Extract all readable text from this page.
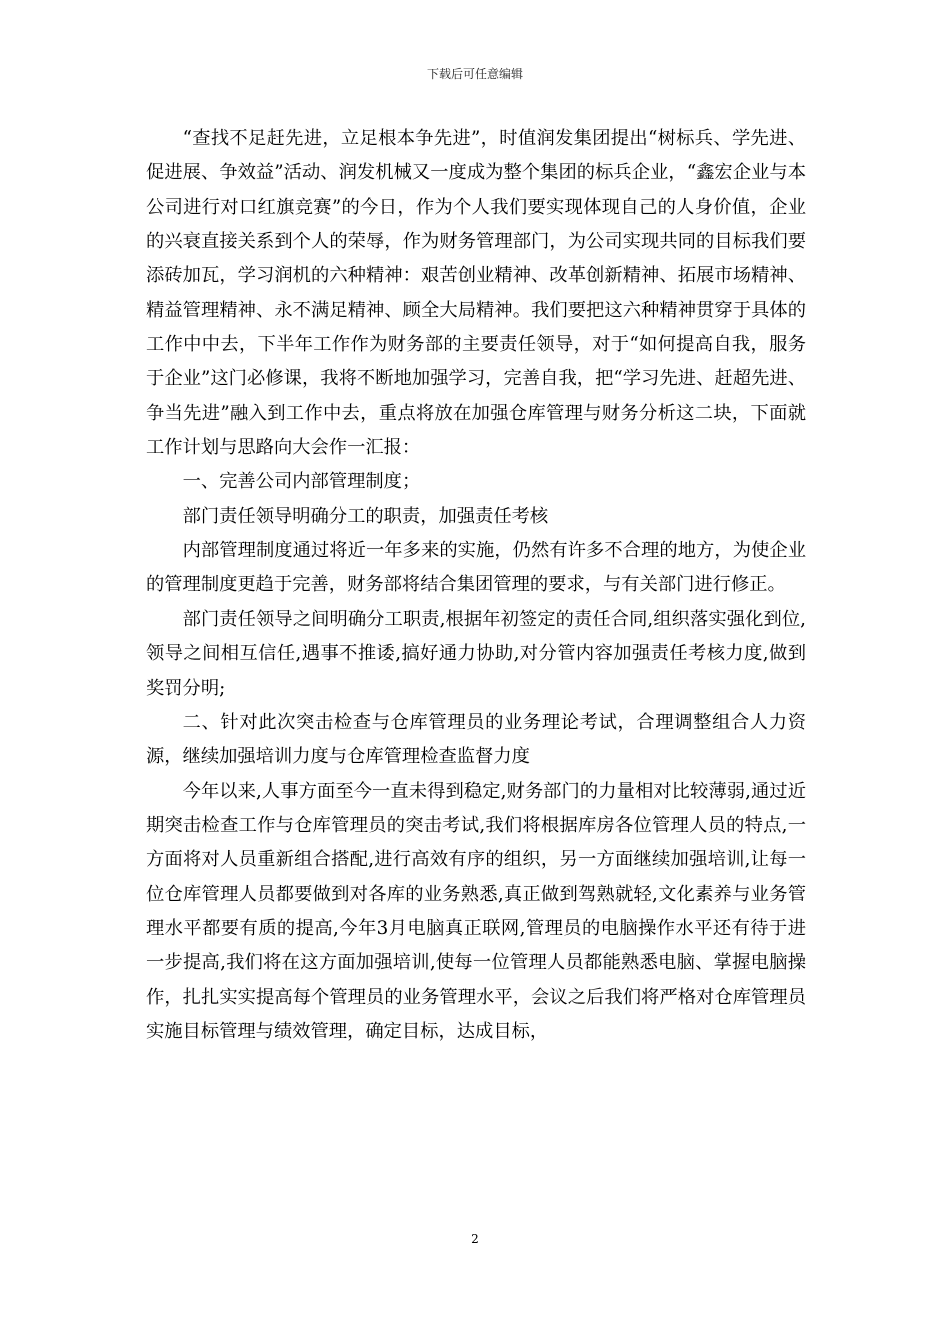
下载后可任意编辑

“查找不足赶先进，立足根本争先进”，时值润发集团提出“树标兵、学先进、促进展、争效益”活动、润发机械又一度成为整个集团的标兵企业，“鑫宏企业与本公司进行对口红旗竞赛”的今日，作为个人我们要实现体现自己的人身价值，企业的兴衰直接关系到个人的荣辱，作为财务管理部门，为公司实现共同的目标我们要添砖加瓦，学习润机的六种精神：艰苦创业精神、改革创新精神、拓展市场精神、精益管理精神、永不满足精神、顾全大局精神。我们要把这六种精神贯穿于具体的工作中中去，下半年工作作为财务部的主要责任领导，对于“如何提高自我，服务于企业”这门必修课，我将不断地加强学习，完善自我，把“学习先进、赶超先进、争当先进”融入到工作中去，重点将放在加强仓库管理与财务分析这二块，下面就工作计划与思路向大会作一汇报：

一、完善公司内部管理制度；

部门责任领导明确分工的职责，加强责任考核

内部管理制度通过将近一年多来的实施，仍然有许多不合理的地方，为使企业的管理制度更趋于完善，财务部将结合集团管理的要求，与有关部门进行修正。

部门责任领导之间明确分工职责,根据年初签定的责任合同,组织落实强化到位,领导之间相互信任,遇事不推诿,搞好通力协助,对分管内容加强责任考核力度,做到奖罚分明;

二、针对此次突击检查与仓库管理员的业务理论考试，合理调整组合人力资源，继续加强培训力度与仓库管理检查监督力度

今年以来,人事方面至今一直未得到稳定,财务部门的力量相对比较薄弱,通过近期突击检查工作与仓库管理员的突击考试,我们将根据库房各位管理人员的特点,一方面将对人员重新组合搭配,进行高效有序的组织，另一方面继续加强培训,让每一位仓库管理人员都要做到对各库的业务熟悉,真正做到驾熟就轻,文化素养与业务管理水平都要有质的提高,今年3月电脑真正联网,管理员的电脑操作水平还有待于进一步提高,我们将在这方面加强培训,使每一位管理人员都能熟悉电脑、掌握电脑操作，扎扎实实提高每个管理员的业务管理水平，会议之后我们将严格对仓库管理员实施目标管理与绩效管理，确定目标，达成目标，

2
